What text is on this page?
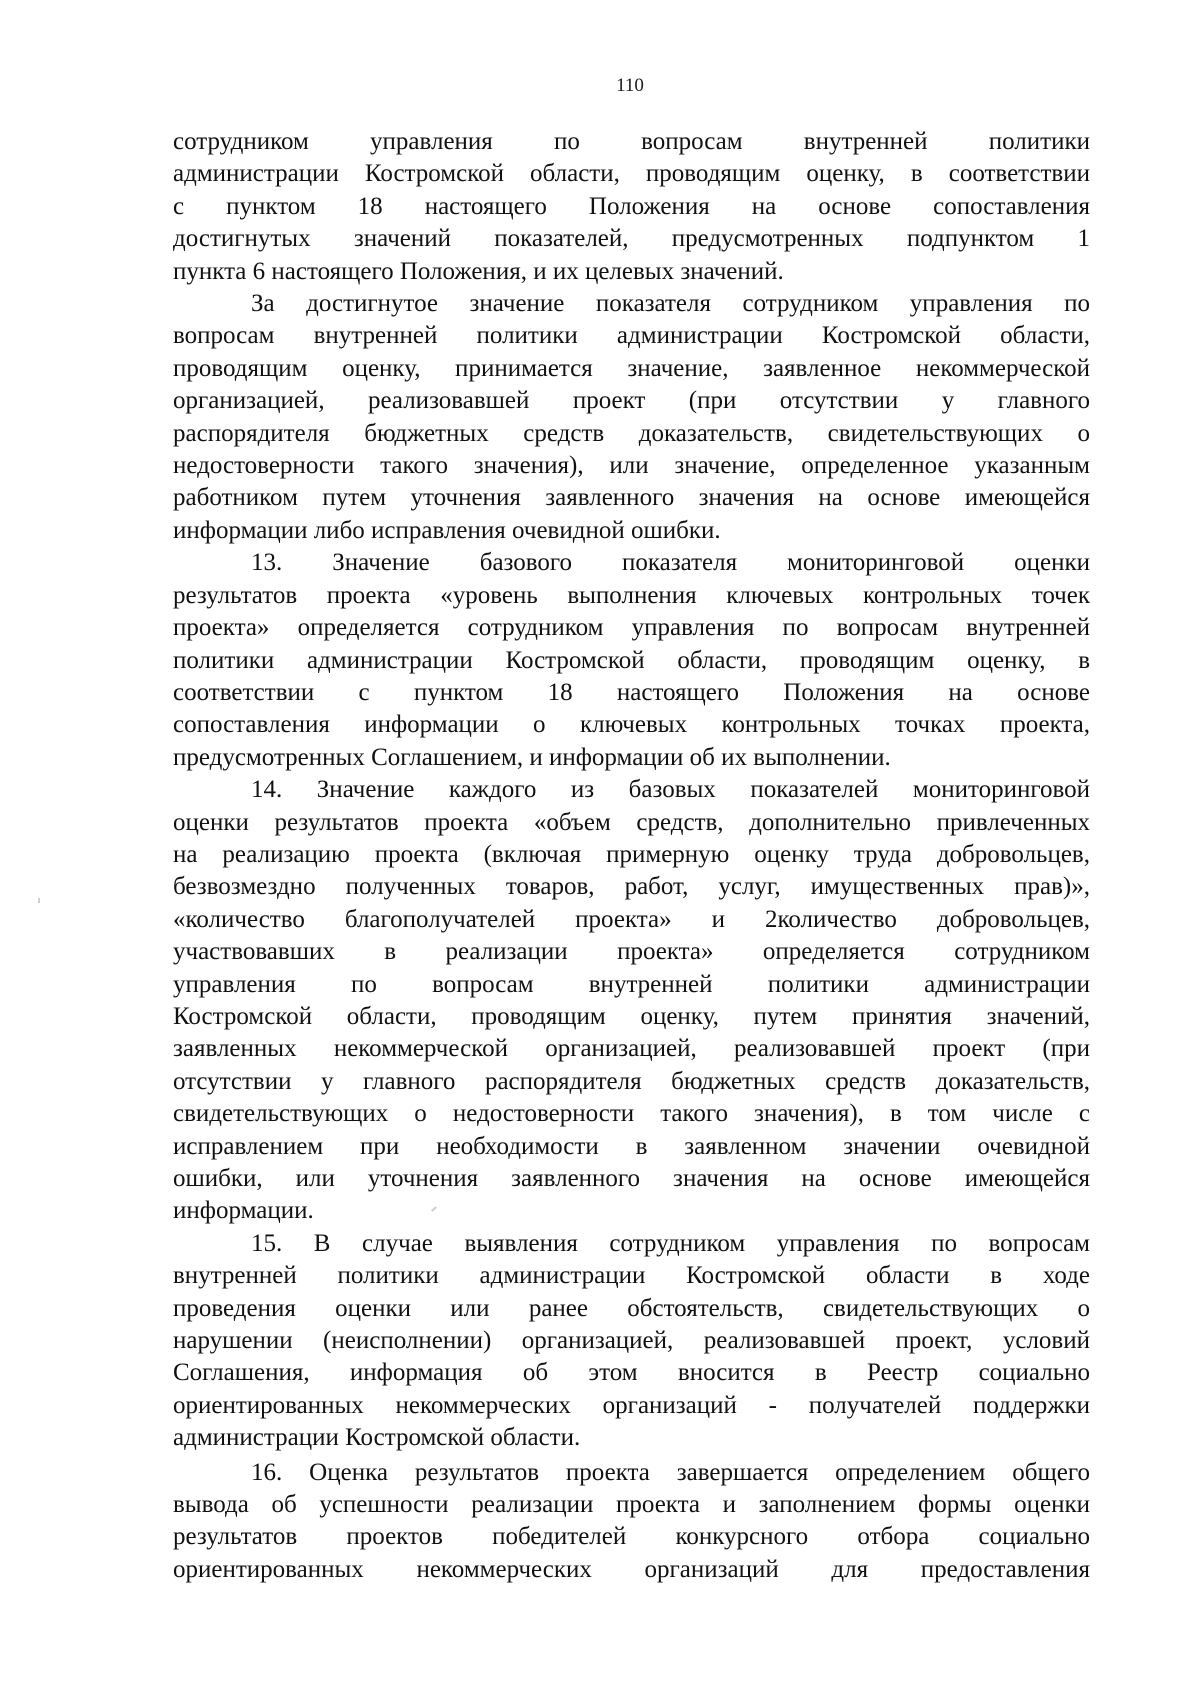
110

сотрудником управления по вопросам внутренней политики

администрации Костромской области, проводящим оценку, в соответствии

с пунктом 18 настоящего Положения на основе сопоставления

достигнутых значений показателей, предусмотренных подпунктом 1

пункта 6 настоящего Положения, и их целевых значений.

За достигнутое значение показателя сотрудником управления по

вопросам внутренней политики администрации Костромской области,

проводящим оценку, принимается значение, заявленное некоммерческой

организацией, реализовавшей проект (при отсутствии у главного

распорядителя бюджетных средств доказательств, свидетельствующих о

недостоверности такого значения), или значение, определенное указанным

работником путем уточнения заявленного значения на основе имеющейся

информации либо исправления очевидной ошибки.

13. Значение базового показателя мониторинговой оценки

результатов проекта «уровень выполнения ключевых контрольных точек

проекта» определяется сотрудником управления по вопросам внутренней

политики администрации Костромской области, проводящим оценку, в

соответствии с пунктом 18 настоящего Положения на основе

сопоставления информации о ключевых контрольных точках проекта,

предусмотренных Соглашением, и информации об их выполнении.

14. Значение каждого из базовых показателей мониторинговой

оценки результатов проекта «объем средств, дополнительно привлеченных

на реализацию проекта (включая примерную оценку труда добровольцев,

безвозмездно полученных товаров, работ, услуг, имущественных прав)»,

«количество благополучателей проекта» и 2количество добровольцев,

участвовавших в реализации проекта» определяется сотрудником

управления по вопросам внутренней политики администрации

Костромской области, проводящим оценку, путем принятия значений,

заявленных некоммерческой организацией, реализовавшей проект (при

отсутствии у главного распорядителя бюджетных средств доказательств,

свидетельствующих о недостоверности такого значения), в том числе с

исправлением при необходимости в заявленном значении очевидной

ошибки, или уточнения заявленного значения на основе имеющейся

информации.

15. В случае выявления сотрудником управления по вопросам

внутренней политики администрации Костромской области в ходе

проведения оценки или ранее обстоятельств, свидетельствующих о

нарушении (неисполнении) организацией, реализовавшей проект, условий

Соглашения, информация об этом вносится в Реестр социально

ориентированных некоммерческих организаций - получателей поддержки

администрации Костромской области.

16. Оценка результатов проекта завершается определением общего

вывода об успешности реализации проекта и заполнением формы оценки

результатов проектов победителей конкурсного отбора социально

ориентированных некоммерческих организаций для предоставления
